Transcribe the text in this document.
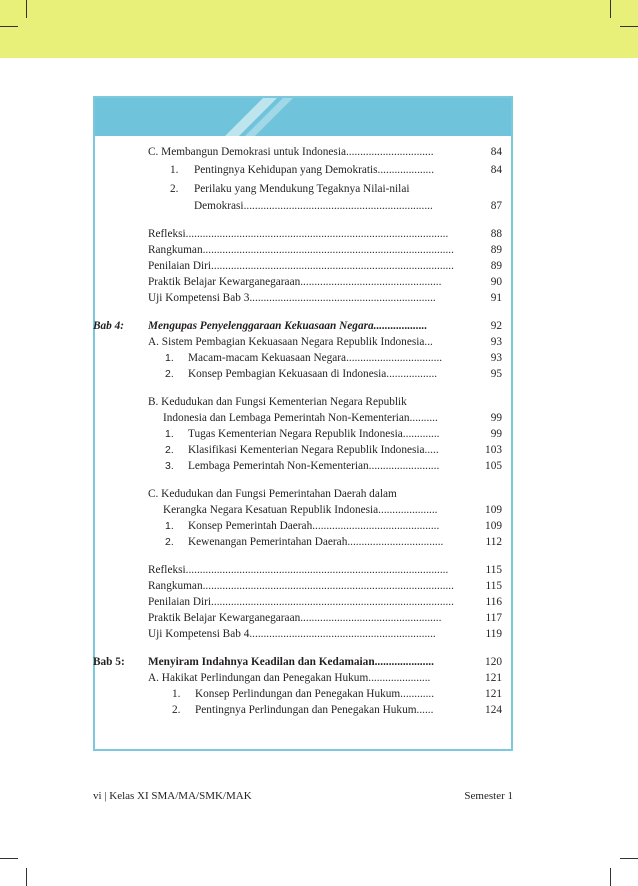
C. Membangun Demokrasi untuk Indonesia...............................	84
1. Pentingnya Kehidupan yang Demokratis....................	84
2. Perilaku yang Mendukung Tegaknya Nilai-nilai
Demokrasi...................................................................	87
Refleksi.............................................................................................	88
Rangkuman.........................................................................................	89
Penilaian Diri......................................................................................	89
Praktik Belajar Kewarganegaraan..................................................	90
Uji Kompetensi Bab 3..................................................................	91
Bab 4: Mengupas Penyelenggaraan Kekuasaan Negara...................	92
A. Sistem Pembagian Kekuasaan Negara Republik Indonesia...	93
1. Macam-macam Kekuasaan Negara..................................	93
2. Konsep Pembagian Kekuasaan di Indonesia..................	95
B. Kedudukan dan Fungsi Kementerian Negara Republik
Indonesia dan Lembaga Pemerintah Non-Kementerian..........	99
1. Tugas Kementerian Negara Republik Indonesia.............	99
2. Klasifikasi Kementerian Negara Republik Indonesia.....	103
3. Lembaga Pemerintah Non-Kementerian.........................	105
C. Kedudukan dan Fungsi Pemerintahan Daerah dalam
Kerangka Negara Kesatuan Republik Indonesia.....................	109
1. Konsep Pemerintah Daerah.............................................	109
2. Kewenangan Pemerintahan Daerah..................................	112
Refleksi.............................................................................................	115
Rangkuman.........................................................................................	115
Penilaian Diri......................................................................................	116
Praktik Belajar Kewarganegaraan..................................................	117
Uji Kompetensi Bab 4..................................................................	119
Bab 5: Menyiram Indahnya Keadilan dan Kedamaian.....................	120
A. Hakikat Perlindungan dan Penegakan Hukum......................	121
1. Konsep Perlindungan dan Penegakan Hukum............	121
2. Pentingnya Perlindungan dan Penegakan Hukum......	124
vi | Kelas XI SMA/MA/SMK/MAK	Semester 1
